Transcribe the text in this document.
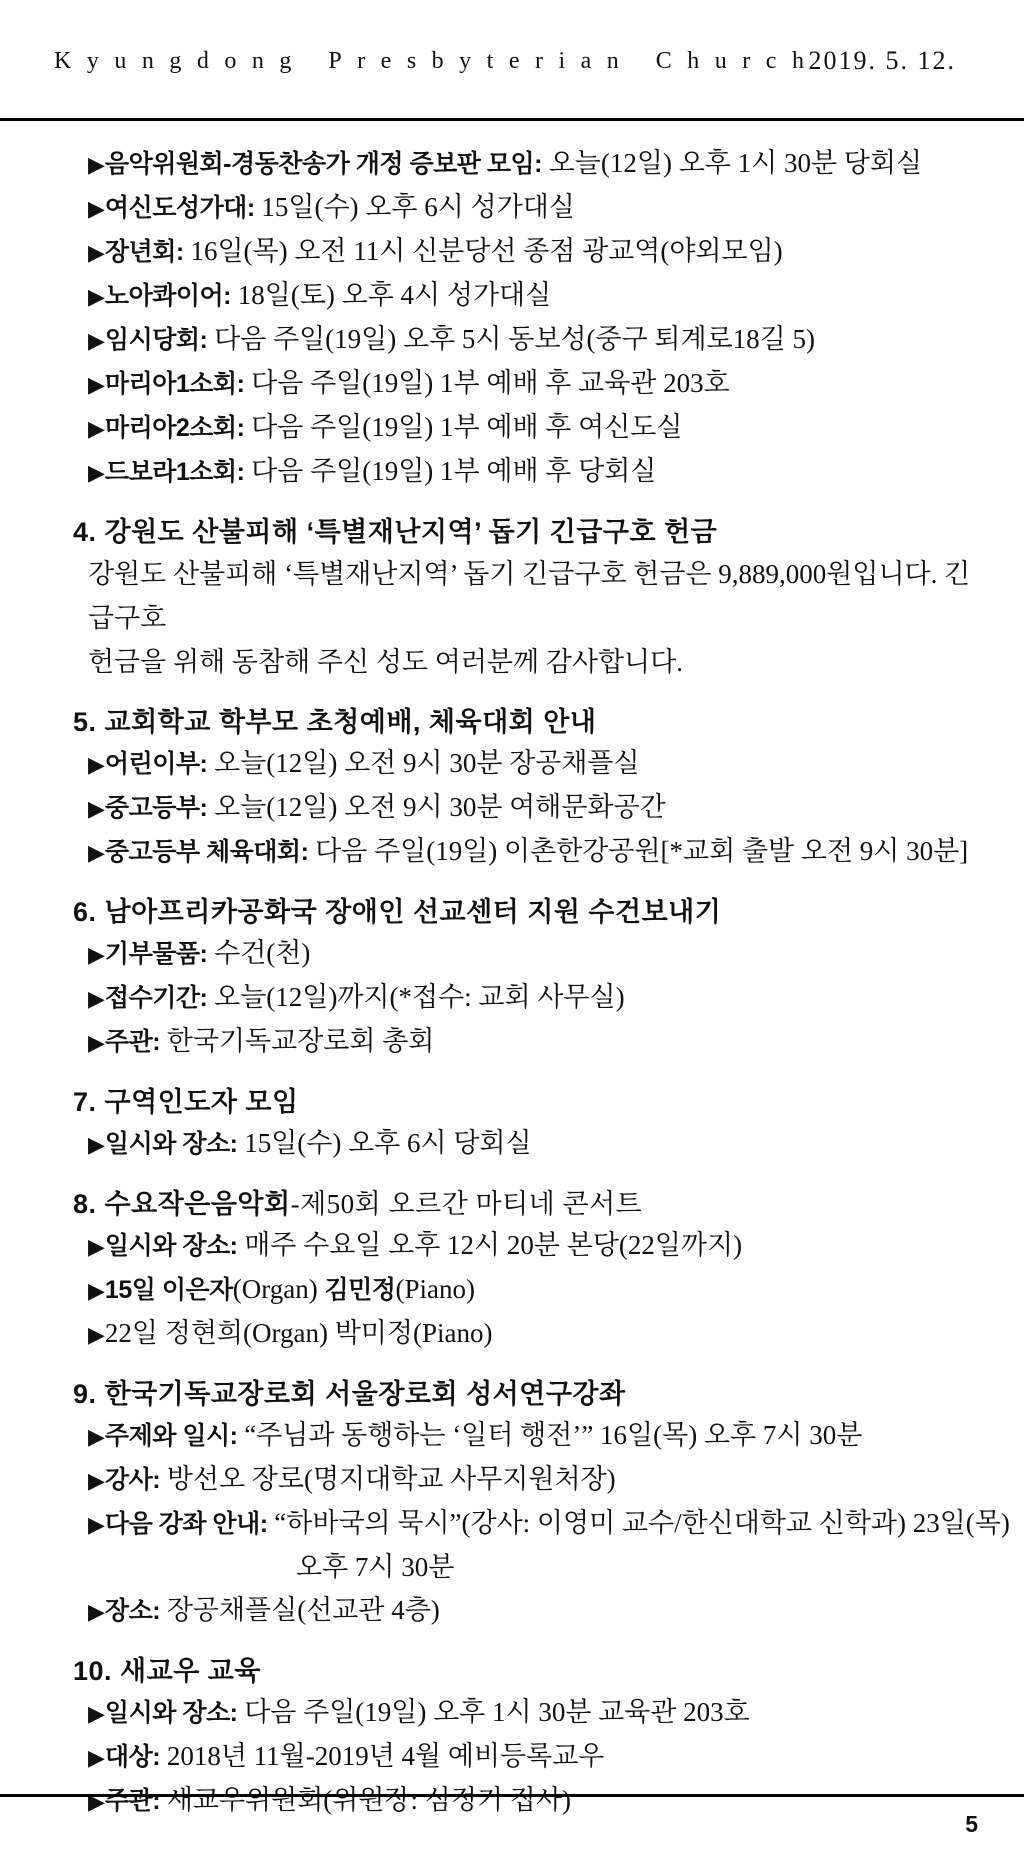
Kyungdong Presbyterian Church
2019. 5. 12.
▶음악위원회-경동찬송가 개정 증보판 모임: 오늘(12일) 오후 1시 30분 당회실
▶여신도성가대: 15일(수) 오후 6시 성가대실
▶장년회: 16일(목) 오전 11시 신분당선 종점 광교역(야외모임)
▶노아콰이어: 18일(토) 오후 4시 성가대실
▶임시당회: 다음 주일(19일) 오후 5시 동보성(중구 퇴계로18길 5)
▶마리아1소회: 다음 주일(19일) 1부 예배 후 교육관 203호
▶마리아2소회: 다음 주일(19일) 1부 예배 후 여신도실
▶드보라1소회: 다음 주일(19일) 1부 예배 후 당회실
4. 강원도 산불피해 ‘특별재난지역’ 돕기 긴급구호 헌금
강원도 산불피해 ‘특별재난지역’ 돕기 긴급구호 헌금은 9,889,000원입니다. 긴급구호
헌금을 위해 동참해 주신 성도 여러분께 감사합니다.
5. 교회학교 학부모 초청예배, 체육대회 안내
▶어린이부: 오늘(12일) 오전 9시 30분 장공채플실
▶중고등부: 오늘(12일) 오전 9시 30분 여해문화공간
▶중고등부 체육대회: 다음 주일(19일) 이촌한강공원[*교회 출발 오전 9시 30분]
6. 남아프리카공화국 장애인 선교센터 지원 수건보내기
▶기부물품: 수건(천)
▶접수기간: 오늘(12일)까지(*접수: 교회 사무실)
▶주관: 한국기독교장로회 총회
7. 구역인도자 모임
▶일시와 장소: 15일(수) 오후 6시 당회실
8. 수요작은음악회-제50회 오르간 마티네 콘서트
▶일시와 장소: 매주 수요일 오후 12시 20분 본당(22일까지)
▶15일 이은자(Organ) 김민정(Piano)
▶22일 정현희(Organ) 박미정(Piano)
9. 한국기독교장로회 서울장로회 성서연구강좌
▶주제와 일시: “주님과 동행하는 ‘일터 행전’” 16일(목) 오후 7시 30분
▶강사: 방선오 장로(명지대학교 사무지원처장)
▶다음 강좌 안내: “하바국의 묵시”(강사: 이영미 교수/한신대학교 신학과) 23일(목)
오후 7시 30분
▶장소: 장공채플실(선교관 4층)
10. 새교우 교육
▶일시와 장소: 다음 주일(19일) 오후 1시 30분 교육관 203호
▶대상: 2018년 11월-2019년 4월 예비등록교우
▶주관: 새교우위원회(위원장: 심정기 집사)
5
